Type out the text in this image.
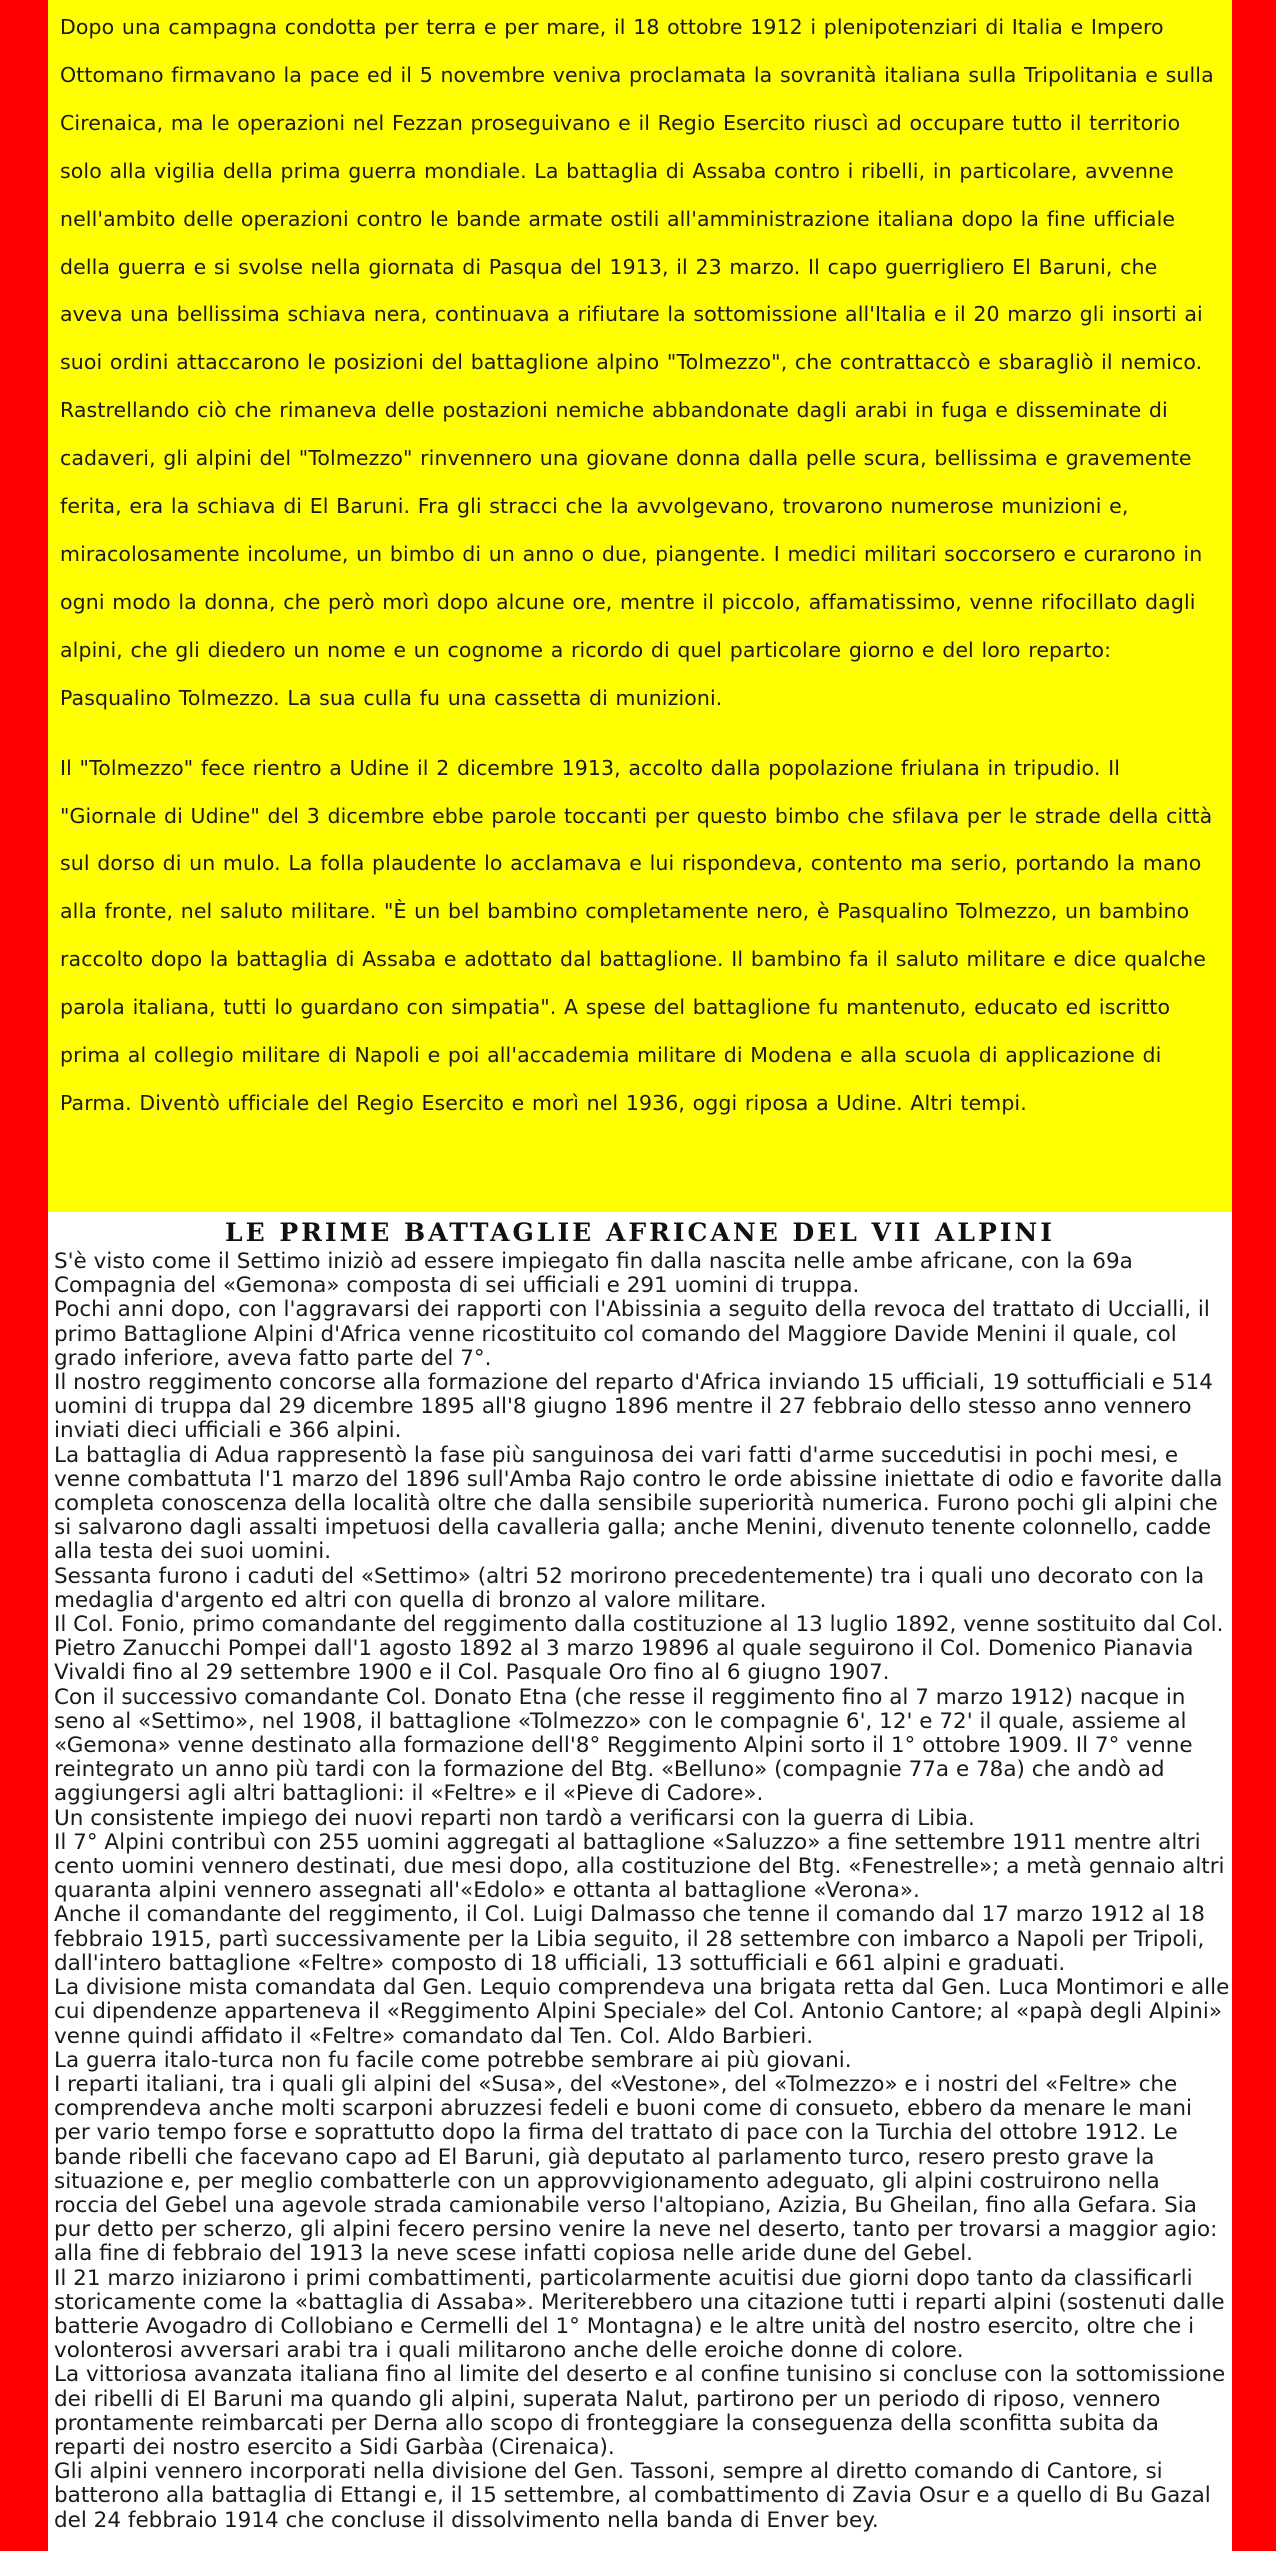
Dopo una campagna condotta per terra e per mare, il 18 ottobre 1912 i plenipotenziari di Italia e Impero Ottomano firmavano la pace ed il 5 novembre veniva proclamata la sovranità italiana sulla Tripolitania e sulla Cirenaica, ma le operazioni nel Fezzan proseguivano e il Regio Esercito riuscì ad occupare tutto il territorio solo alla vigilia della prima guerra mondiale. La battaglia di Assaba contro i ribelli, in particolare, avvenne nell'ambito delle operazioni contro le bande armate ostili all'amministrazione italiana dopo la fine ufficiale della guerra e si svolse nella giornata di Pasqua del 1913, il 23 marzo. Il capo guerrigliero El Baruni, che aveva una bellissima schiava nera, continuava a rifiutare la sottomissione all'Italia e il 20 marzo gli insorti ai suoi ordini attaccarono le posizioni del battaglione alpino "Tolmezzo", che contrattaccò e sbaragliò il nemico.

Rastrellando ciò che rimaneva delle postazioni nemiche abbandonate dagli arabi in fuga e disseminate di cadaveri, gli alpini del "Tolmezzo" rinvennero una giovane donna dalla pelle scura, bellissima e gravemente ferita, era la schiava di El Baruni. Fra gli stracci che la avvolgevano, trovarono numerose munizioni e, miracolosamente incolume, un bimbo di un anno o due, piangente. I medici militari soccorsero e curarono in ogni modo la donna, che però morì dopo alcune ore, mentre il piccolo, affamatissimo, venne rifocillato dagli alpini, che gli diedero un nome e un cognome a ricordo di quel particolare giorno e del loro reparto: Pasqualino Tolmezzo. La sua culla fu una cassetta di munizioni.

Il "Tolmezzo" fece rientro a Udine il 2 dicembre 1913, accolto dalla popolazione friulana in tripudio. Il "Giornale di Udine" del 3 dicembre ebbe parole toccanti per questo bimbo che sfilava per le strade della città sul dorso di un mulo. La folla plaudente lo acclamava e lui rispondeva, contento ma serio, portando la mano alla fronte, nel saluto militare. "È un bel bambino completamente nero, è Pasqualino Tolmezzo, un bambino raccolto dopo la battaglia di Assaba e adottato dal battaglione. Il bambino fa il saluto militare e dice qualche parola italiana, tutti lo guardano con simpatia". A spese del battaglione fu mantenuto, educato ed iscritto prima al collegio militare di Napoli e poi all'accademia militare di Modena e alla scuola di applicazione di Parma. Diventò ufficiale del Regio Esercito e morì nel 1936, oggi riposa a Udine. Altri tempi.

LE PRIME BATTAGLIE AFRICANE DEL VII ALPINI

S'è visto come il Settimo iniziò ad essere impiegato fin dalla nascita nelle ambe africane, con la 69a Compagnia del «Gemona» composta di sei ufficiali e 291 uomini di truppa.

Pochi anni dopo, con l'aggravarsi dei rapporti con l'Abissinia a seguito della revoca del trattato di Uccialli, il primo Battaglione Alpini d'Africa venne ricostituito col comando del Maggiore Davide Menini il quale, col grado inferiore, aveva fatto parte del 7°.

Il nostro reggimento concorse alla formazione del reparto d'Africa inviando 15 ufficiali, 19 sottufficiali e 514 uomini di truppa dal 29 dicembre 1895 all'8 giugno 1896 mentre il 27 febbraio dello stesso anno vennero inviati dieci ufficiali e 366 alpini.

La battaglia di Adua rappresentò la fase più sanguinosa dei vari fatti d'arme succedutisi in pochi mesi, e venne combattuta l'1 marzo del 1896 sull'Amba Rajo contro le orde abissine iniettate di odio e favorite dalla completa conoscenza della località oltre che dalla sensibile superiorità numerica. Furono pochi gli alpini che si salvarono dagli assalti impetuosi della cavalleria galla; anche Menini, divenuto tenente colonnello, cadde alla testa dei suoi uomini.

Sessanta furono i caduti del «Settimo» (altri 52 morirono precedentemente) tra i quali uno decorato con la medaglia d'argento ed altri con quella di bronzo al valore militare.

Il Col. Fonio, primo comandante del reggimento dalla costituzione al 13 luglio 1892, venne sostituito dal Col. Pietro Zanucchi Pompei dall'1 agosto 1892 al 3 marzo 19896 al quale seguirono il Col. Domenico Pianavia Vivaldi fino al 29 settembre 1900 e il Col. Pasquale Oro fino al 6 giugno 1907.

Con il successivo comandante Col. Donato Etna (che resse il reggimento fino al 7 marzo 1912) nacque in seno al «Settimo», nel 1908, il battaglione «Tolmezzo» con le compagnie 6', 12' e 72' il quale, assieme al «Gemona» venne destinato alla formazione dell'8° Reggimento Alpini sorto il 1° ottobre 1909. Il 7° venne reintegrato un anno più tardi con la formazione del Btg. «Belluno» (compagnie 77a e 78a) che andò ad aggiungersi agli altri battaglioni: il «Feltre» e il «Pieve di Cadore».

Un consistente impiego dei nuovi reparti non tardò a verificarsi con la guerra di Libia.

Il 7° Alpini contribuì con 255 uomini aggregati al battaglione «Saluzzo» a fine settembre 1911 mentre altri cento uomini vennero destinati, due mesi dopo, alla costituzione del Btg. «Fenestrelle»; a metà gennaio altri quaranta alpini vennero assegnati all'«Edolo» e ottanta al battaglione «Verona».

Anche il comandante del reggimento, il Col. Luigi Dalmasso che tenne il comando dal 17 marzo 1912 al 18 febbraio 1915, partì successivamente per la Libia seguito, il 28 settembre con imbarco a Napoli per Tripoli, dall'intero battaglione «Feltre» composto di 18 ufficiali, 13 sottufficiali e 661 alpini e graduati.

La divisione mista comandata dal Gen. Lequio comprendeva una brigata retta dal Gen. Luca Montimori e alle cui dipendenze apparteneva il «Reggimento Alpini Speciale» del Col. Antonio Cantore; al «papà degli Alpini» venne quindi affidato il «Feltre» comandato dal Ten. Col. Aldo Barbieri.

La guerra italo-turca non fu facile come potrebbe sembrare ai più giovani.

I reparti italiani, tra i quali gli alpini del «Susa», del «Vestone», del «Tolmezzo» e i nostri del «Feltre» che comprendeva anche molti scarponi abruzzesi fedeli e buoni come di consueto, ebbero da menare le mani per vario tempo forse e soprattutto dopo la firma del trattato di pace con la Turchia del ottobre 1912. Le bande ribelli che facevano capo ad El Baruni, già deputato al parlamento turco, resero presto grave la situazione e, per meglio combatterle con un approvvigionamento adeguato, gli alpini costruirono nella roccia del Gebel una agevole strada camionabile verso l'altopiano, Azizia, Bu Gheilan, fino alla Gefara. Sia pur detto per scherzo, gli alpini fecero persino venire la neve nel deserto, tanto per trovarsi a maggior agio: alla fine di febbraio del 1913 la neve scese infatti copiosa nelle aride dune del Gebel.

Il 21 marzo iniziarono i primi combattimenti, particolarmente acuitisi due giorni dopo tanto da classificarli storicamente come la «battaglia di Assaba». Meriterebbero una citazione tutti i reparti alpini (sostenuti dalle batterie Avogadro di Collobiano e Cermelli del 1° Montagna) e le altre unità del nostro esercito, oltre che i volonterosi avversari arabi tra i quali militarono anche delle eroiche donne di colore.

La vittoriosa avanzata italiana fino al limite del deserto e al confine tunisino si concluse con la sottomissione dei ribelli di El Baruni ma quando gli alpini, superata Nalut, partirono per un periodo di riposo, vennero prontamente reimbarcati per Derna allo scopo di fronteggiare la conseguenza della sconfitta subita da reparti dei nostro esercito a Sidi Garbàa (Cirenaica).

Gli alpini vennero incorporati nella divisione del Gen. Tassoni, sempre al diretto comando di Cantore, si batterono alla battaglia di Ettangi e, il 15 settembre, al combattimento di Zavia Osur e a quello di Bu Gazal del 24 febbraio 1914 che concluse il dissolvimento nella banda di Enver bey.
